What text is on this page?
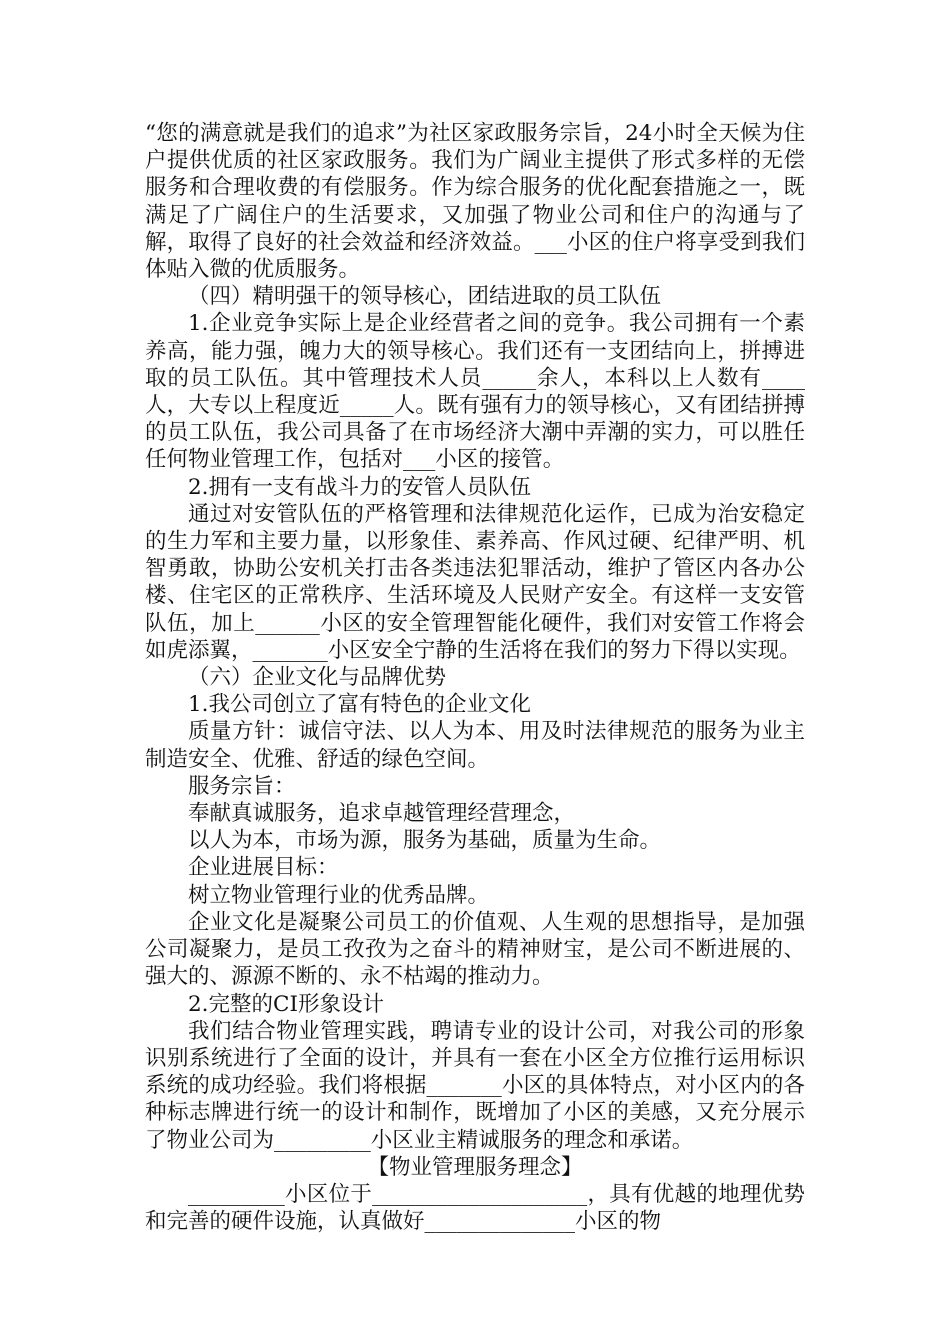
“您的满意就是我们的追求”为社区家政服务宗旨，24小时全天候为住户提供优质的社区家政服务。我们为广阔业主提供了形式多样的无偿服务和合理收费的有偿服务。作为综合服务的优化配套措施之一，既满足了广阔住户的生活要求，又加强了物业公司和住户的沟通与了解，取得了良好的社会效益和经济效益。___小区的住户将享受到我们体贴入微的优质服务。

（四）精明强干的领导核心，团结进取的员工队伍

1.企业竞争实际上是企业经营者之间的竞争。我公司拥有一个素养高，能力强，魄力大的领导核心。我们还有一支团结向上，拼搏进取的员工队伍。其中管理技术人员_____余人，本科以上人数有____人，大专以上程度近_____人。既有强有力的领导核心，又有团结拼搏的员工队伍，我公司具备了在市场经济大潮中弄潮的实力，可以胜任任何物业管理工作，包括对___小区的接管。

2.拥有一支有战斗力的安管人员队伍

通过对安管队伍的严格管理和法律规范化运作，已成为治安稳定的生力军和主要力量，以形象佳、素养高、作风过硬、纪律严明、机智勇敢，协助公安机关打击各类违法犯罪活动，维护了管区内各办公楼、住宅区的正常秩序、生活环境及人民财产安全。有这样一支安管队伍，加上______小区的安全管理智能化硬件，我们对安管工作将会如虎添翼，_______小区安全宁静的生活将在我们的努力下得以实现。

（六）企业文化与品牌优势

1.我公司创立了富有特色的企业文化

质量方针：诚信守法、以人为本、用及时法律规范的服务为业主制造安全、优雅、舒适的绿色空间。

服务宗旨：

奉献真诚服务，追求卓越管理经营理念，

以人为本，市场为源，服务为基础，质量为生命。

企业进展目标：

树立物业管理行业的优秀品牌。

企业文化是凝聚公司员工的价值观、人生观的思想指导，是加强公司凝聚力，是员工孜孜为之奋斗的精神财宝，是公司不断进展的、强大的、源源不断的、永不枯竭的推动力。

2.完整的CI形象设计

我们结合物业管理实践，聘请专业的设计公司，对我公司的形象识别系统进行了全面的设计，并具有一套在小区全方位推行运用标识系统的成功经验。我们将根据_______小区的具体特点，对小区内的各种标志牌进行统一的设计和制作，既增加了小区的美感，又充分展示了物业公司为_________小区业主精诚服务的理念和承诺。

【物业管理服务理念】

_________小区位于____________________，具有优越的地理优势和完善的硬件设施，认真做好______________小区的物
